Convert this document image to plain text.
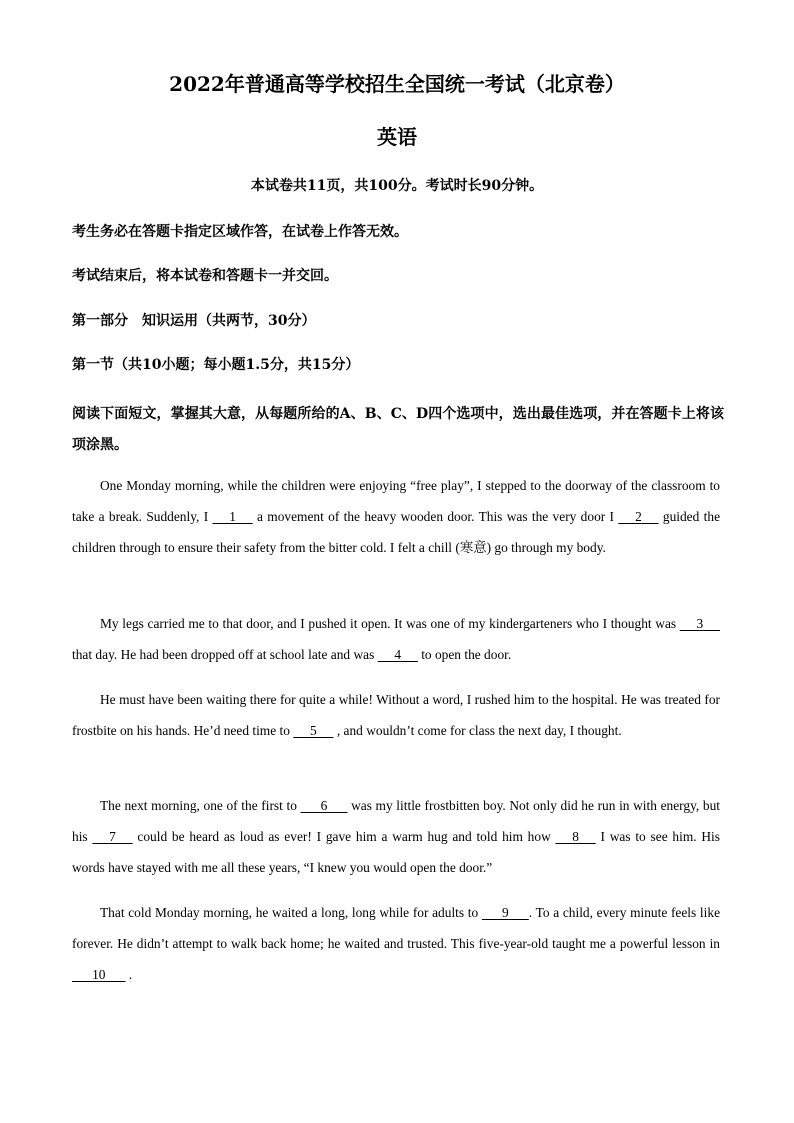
2022年普通高等学校招生全国统一考试（北京卷）
英语
本试卷共11页，共100分。考试时长90分钟。
考生务必在答题卡指定区域作答，在试卷上作答无效。
考试结束后，将本试卷和答题卡一并交回。
第一部分　知识运用（共两节，30分）
第一节（共10小题；每小题1.5分，共15分）
阅读下面短文，掌握其大意，从每题所给的A、B、C、D四个选项中，选出最佳选项，并在答题卡上将该项涂黑。
One Monday morning, while the children were enjoying “free play”, I stepped to the doorway of the classroom to take a break. Suddenly, I      1      a movement of the heavy wooden door. This was the very door I      2      guided the children through to ensure their safety from the bitter cold. I felt a chill (寒意) go through my body.
My legs carried me to that door, and I pushed it open. It was one of my kindergarteners who I thought was      3      that day. He had been dropped off at school late and was      4      to open the door.
He must have been waiting there for quite a while! Without a word, I rushed him to the hospital. He was treated for frostbite on his hands. He’d need time to      5      , and wouldn’t come for class the next day, I thought.
The next morning, one of the first to       6       was my little frostbitten boy. Not only did he run in with energy, but his      7      could be heard as loud as ever! I gave him a warm hug and told him how      8      I was to see him. His words have stayed with me all these years, “I knew you would open the door.”
That cold Monday morning, he waited a long, long while for adults to       9 . To a child, every minute feels like forever. He didn’t attempt to walk back home; he waited and trusted. This five-year-old taught me a powerful lesson in       10       .
